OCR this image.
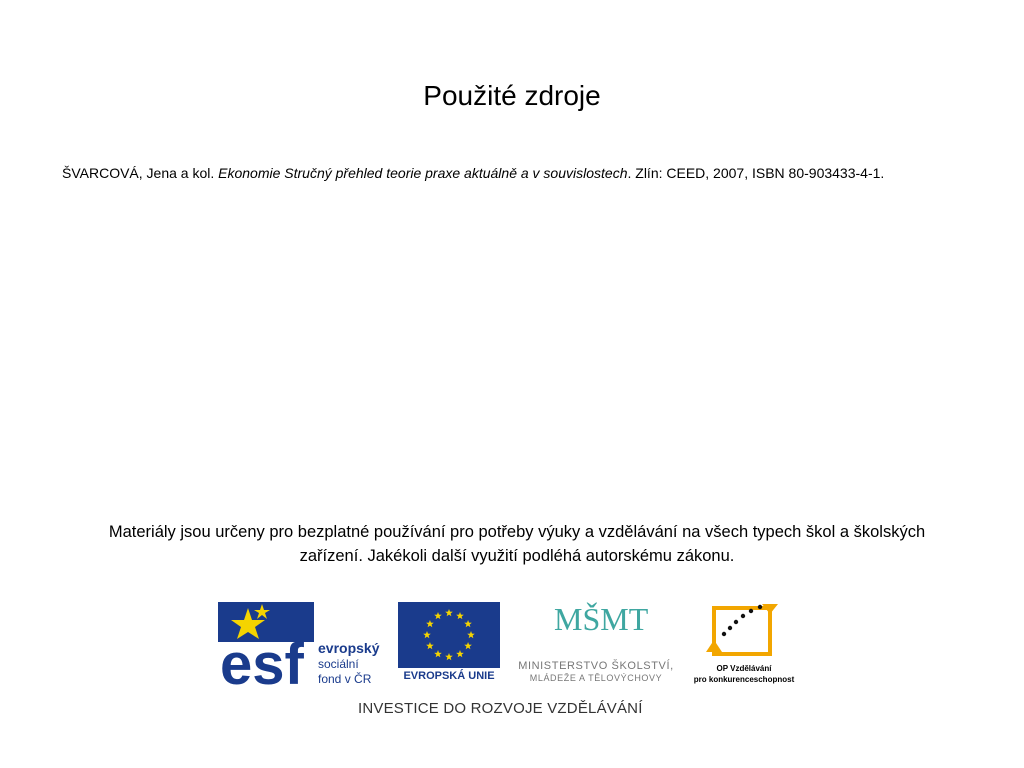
Použité zdroje
ŠVARCOVÁ, Jena a kol. Ekonomie Stručný přehled teorie praxe aktuálně a v souvislostech. Zlín: CEED, 2007, ISBN 80-903433-4-1.
Materiály jsou určeny pro bezplatné používání pro potřeby výuky a vzdělávání na všech typech škol a školských zařízení. Jakékoli další využití podléhá autorskému zákonu.
esf evropský
sociální
fond v ČR	EVROPSKÁ UNIE
MŠMT
MINISTERSTVO ŠKOLSTVÍ,
MLÁDEŽE A TĚLOVÝCHOVY
OP Vzdělávání
pro konkurenceschopnost
INVESTICE DO ROZVOJE VZDĚLÁVÁNÍ
